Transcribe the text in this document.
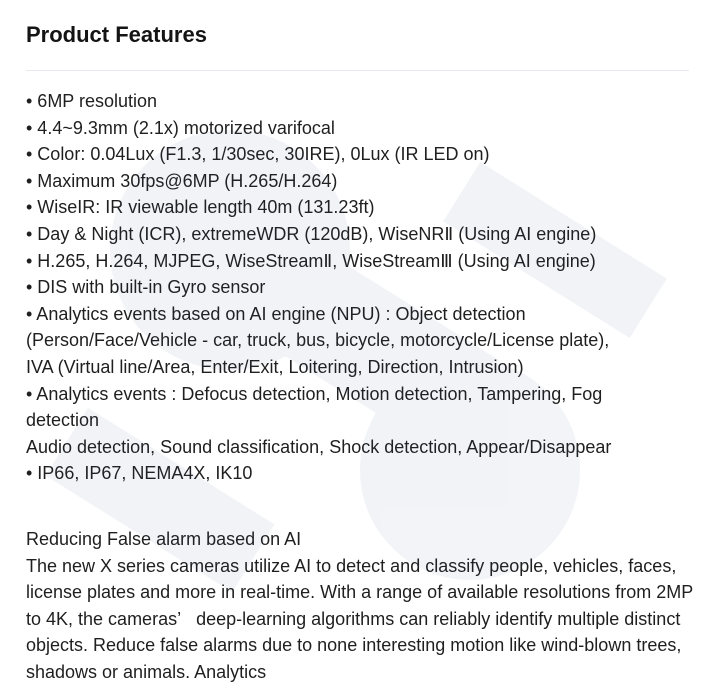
Product Features
• 6MP resolution
• 4.4~9.3mm (2.1x) motorized varifocal
• Color: 0.04Lux (F1.3, 1/30sec, 30IRE), 0Lux (IR LED on)
• Maximum 30fps@6MP (H.265/H.264)
• WiseIR: IR viewable length 40m (131.23ft)
• Day & Night (ICR), extremeWDR (120dB), WiseNRⅡ (Using AI engine)
• H.265, H.264, MJPEG, WiseStreamⅡ, WiseStreamⅢ (Using AI engine)
• DIS with built-in Gyro sensor
• Analytics events based on AI engine (NPU) : Object detection
(Person/Face/Vehicle - car, truck, bus, bicycle, motorcycle/License plate),
IVA (Virtual line/Area, Enter/Exit, Loitering, Direction, Intrusion)
• Analytics events : Defocus detection, Motion detection, Tampering, Fog
detection
Audio detection, Sound classification, Shock detection, Appear/Disappear
• IP66, IP67, NEMA4X, IK10

Reducing False alarm based on AI

The new X series cameras utilize AI to detect and classify people, vehicles, faces, license plates and more in real-time. With a range of available resolutions from 2MP to 4K, the cameras’   deep-learning algorithms can reliably identify multiple distinct objects. Reduce false alarms due to none interesting motion like wind-blown trees, shadows or animals. Analytics
